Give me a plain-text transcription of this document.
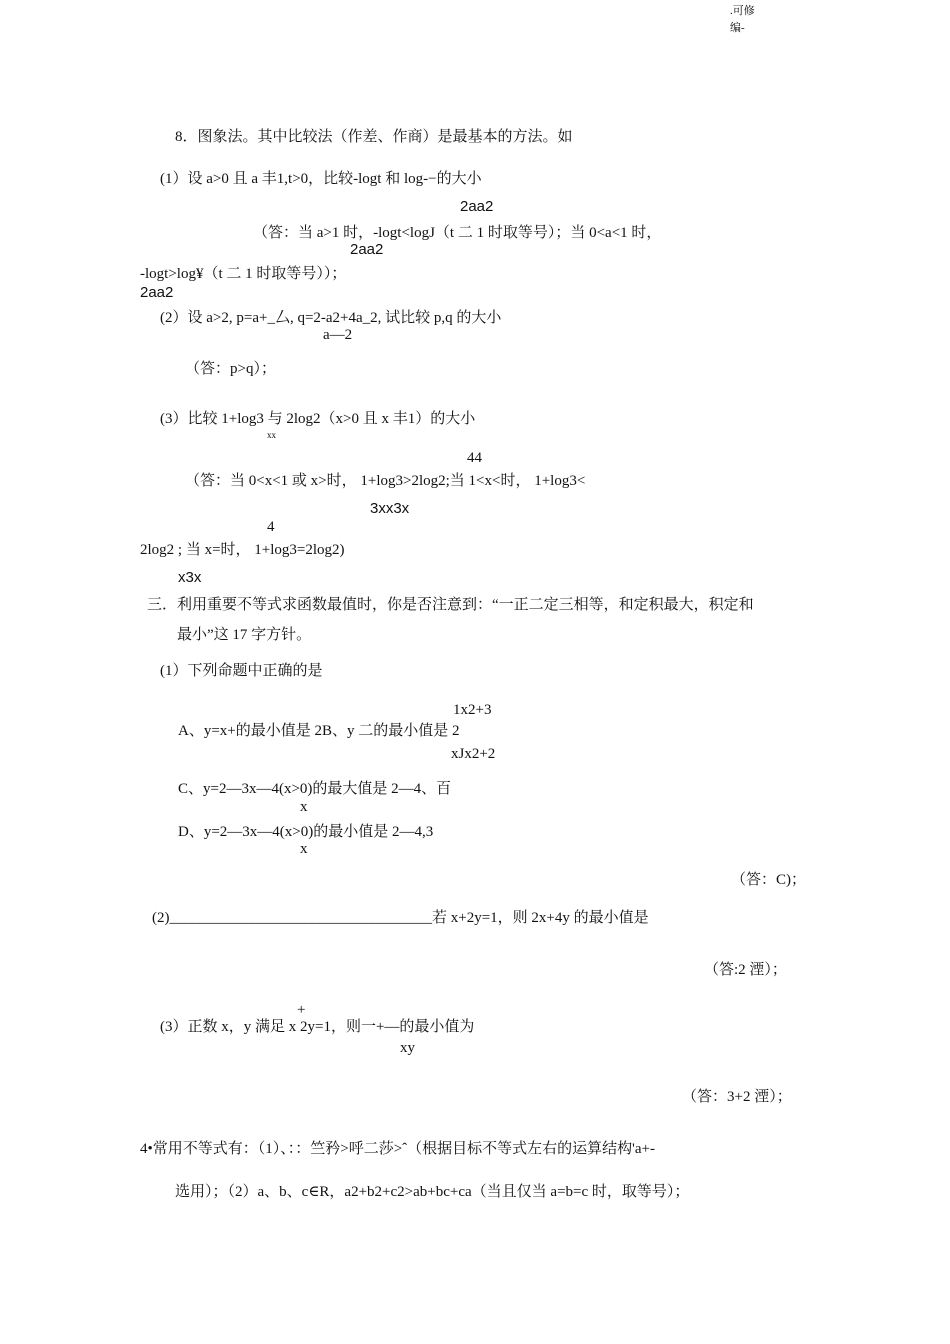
.可修
编-
8．图象法。其中比较法（作差、作商）是最基本的方法。如
(1）设 a>0 且 a 丰1,t>0，比较-logt 和 log-−的大小
2aa2
（答：当 a>1 时，-logt<logJ（t 二 1 时取等号）；当 0<a<1 时，
2aa2
-logt>log¥（t 二 1 时取等号））；
2aa2
(2）设 a>2, p=a+_厶, q=2-a2+4a_2, 试比较 p,q 的大小
a—2
（答：p>q）；
(3）比较 1+log3 与 2log2（x>0 且 x 丰1）的大小
xx
44
（答：当 0<x<1 或 x>时， 1+log3>2log2;当 1<x<时， 1+log3<
3xx3x
4
2log2 ; 当 x=时， 1+log3=2log2)
x3x
三．利用重要不等式求函数最值时，你是否注意到：“一正二定三相等，和定积最大，积定和
最小”这 17 字方针。
(1）下列命题中正确的是
1x2+3
A、y=x+的最小值是 2B、y 二的最小值是 2
xJx2+2
C、y=2—3x—4(x>0)的最大值是 2—4、百
x
D、y=2—3x—4(x>0)的最小值是 2—4,3
x
（答：C)；
(2)___________________________________若 x+2y=1，则 2x+4y 的最小值是
（答:2 湮）；
+
(3）正数 x，y 满足 x 2y=1，则一+—的最小值为
xy
（答：3+2 湮）；
4•常用不等式有：（1）、：：竺矜>呼二莎>ˆ（根据目标不等式左右的运算结构'a+-
选用）；（2）a、b、c∈R，a2+b2+c2>ab+bc+ca（当且仅当 a=b=c 时，取等号）；
